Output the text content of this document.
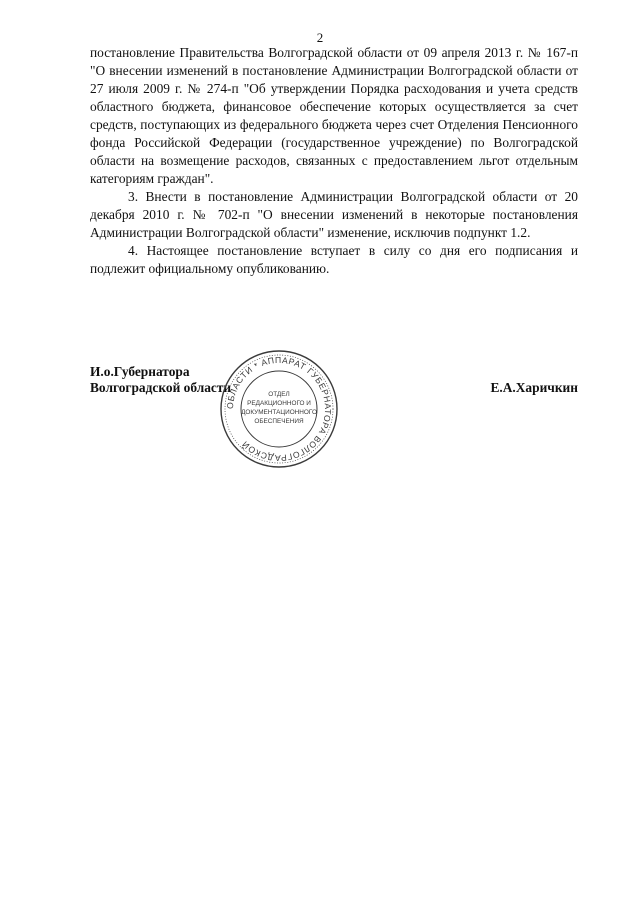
2

постановление Правительства Волгоградской области от 09 апреля 2013 г. № 167-п "О внесении изменений в постановление Администрации Волгоградской области от 27 июля 2009 г. № 274-п "Об утверждении Порядка расходования и учета средств областного бюджета, финансовое обеспечение которых осуществляется за счет средств, поступающих из федерального бюджета через счет Отделения Пенсионного фонда Российской Федерации (государственное учреждение) по Волгоградской области на возмещение расходов, связанных с предоставлением льгот отдельным категориям граждан".

3. Внести в постановление Администрации Волгоградской области от 20 декабря 2010 г. № 702-п "О внесении изменений в некоторые постановления Администрации Волгоградской области" изменение, исключив подпункт 1.2.

4. Настоящее постановление вступает в силу со дня его подписания и подлежит официальному опубликованию.

И.о.Губернатора
Волгоградской области
ОБЛАСТИ * АППАРАТ ГУБЕРНАТОРА ВОЛГОГРАДСКОЙ
ОТДЕЛ
РЕДАКЦИОННОГО И
ДОКУМЕНТАЦИОННОГО
ОБЕСПЕЧЕНИЯ
Е.А.Харичкин
